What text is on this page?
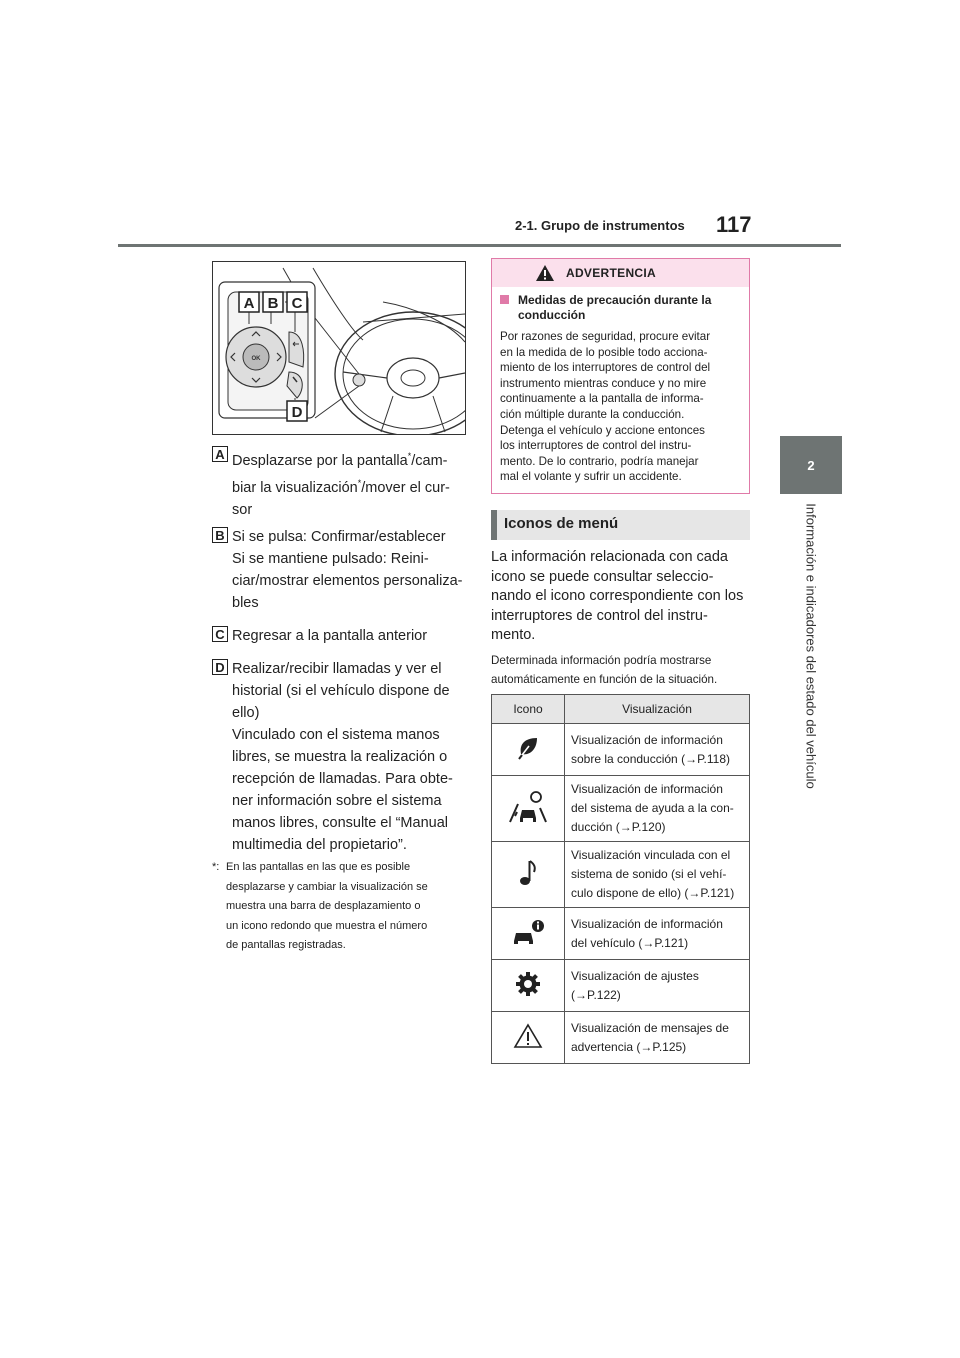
2-1. Grupo de instrumentos 117
2
Información e indicadores del estado del vehículo
OK
A B C
D
A Desplazarse por la pantalla*/cam-
biar la visualización*/mover el cur-
sor
B Si se pulsa: Confirmar/establecer
Si se mantiene pulsado: Reini-
ciar/mostrar elementos personaliza-
bles
C Regresar a la pantalla anterior
D Realizar/recibir llamadas y ver el
historial (si el vehículo dispone de
ello)
Vinculado con el sistema manos
libres, se muestra la realización o
recepción de llamadas. Para obte-
ner información sobre el sistema
manos libres, consulte el “Manual
multimedia del propietario”.
*: En las pantallas en las que es posible
desplazarse y cambiar la visualización se
muestra una barra de desplazamiento o
un icono redondo que muestra el número
de pantallas registradas.
ADVERTENCIA
Medidas de precaución durante la
conducción
Por razones de seguridad, procure evitar
en la medida de lo posible todo acciona-
miento de los interruptores de control del
instrumento mientras conduce y no mire
continuamente a la pantalla de informa-
ción múltiple durante la conducción.
Detenga el vehículo y accione entonces
los interruptores de control del instru-
mento. De lo contrario, podría manejar
mal el volante y sufrir un accidente.
Iconos de menú
La información relacionada con cada
icono se puede consultar seleccio-
nando el icono correspondiente con los
interruptores de control del instru-
mento.
Determinada información podría mostrarse
automáticamente en función de la situación.
Icono	Visualización
	Visualización de información
sobre la conducción (→P.118)
	Visualización de información
del sistema de ayuda a la con-
ducción (→P.120)
	Visualización vinculada con el
sistema de sonido (si el vehí-
culo dispone de ello) (→P.121)
	Visualización de información
del vehículo (→P.121)
	Visualización de ajustes
(→P.122)
	Visualización de mensajes de
advertencia (→P.125)
